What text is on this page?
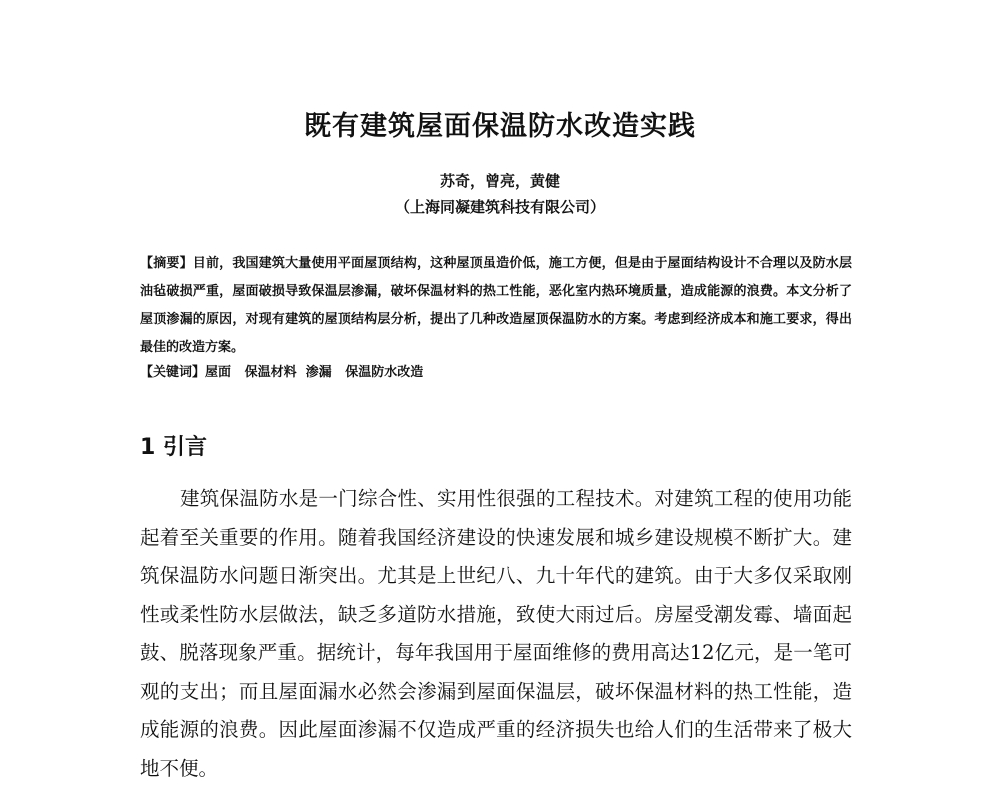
既有建筑屋面保温防水改造实践

苏奇，曾亮，黄健

（上海同凝建筑科技有限公司）

【摘要】目前，我国建筑大量使用平面屋顶结构，这种屋顶虽造价低，施工方便，但是由于屋面结构设计不合理以及防水层油毡破损严重，屋面破损导致保温层渗漏，破坏保温材料的热工性能，恶化室内热环境质量，造成能源的浪费。本文分析了屋顶渗漏的原因，对现有建筑的屋顶结构层分析，提出了几种改造屋顶保温防水的方案。考虑到经济成本和施工要求，得出最佳的改造方案。

【关键词】屋面   保温材料  渗漏   保温防水改造

1 引言

建筑保温防水是一门综合性、实用性很强的工程技术。对建筑工程的使用功能起着至关重要的作用。随着我国经济建设的快速发展和城乡建设规模不断扩大。建筑保温防水问题日渐突出。尤其是上世纪八、九十年代的建筑。由于大多仅采取刚性或柔性防水层做法，缺乏多道防水措施，致使大雨过后。房屋受潮发霉、墙面起鼓、脱落现象严重。据统计，每年我国用于屋面维修的费用高达12亿元，是一笔可观的支出；而且屋面漏水必然会渗漏到屋面保温层，破坏保温材料的热工性能，造成能源的浪费。因此屋面渗漏不仅造成严重的经济损失也给人们的生活带来了极大地不便。
